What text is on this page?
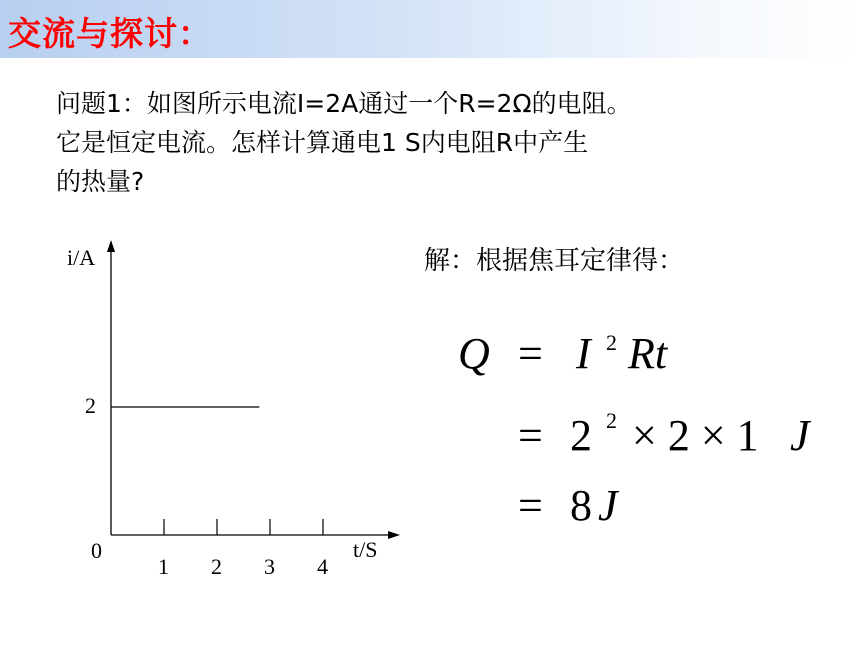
交流与探讨：
问题1：如图所示电流I=2A通过一个R=2Ω的电阻。
它是恒定电流。怎样计算通电1 S内电阻R中产生
的热量?
i/A
t/S
0
1 2 3 4
2
解：根据焦耳定律得：
Q = I 2 Rt
= 2 2 × 2 × 1 J
= 8 J
